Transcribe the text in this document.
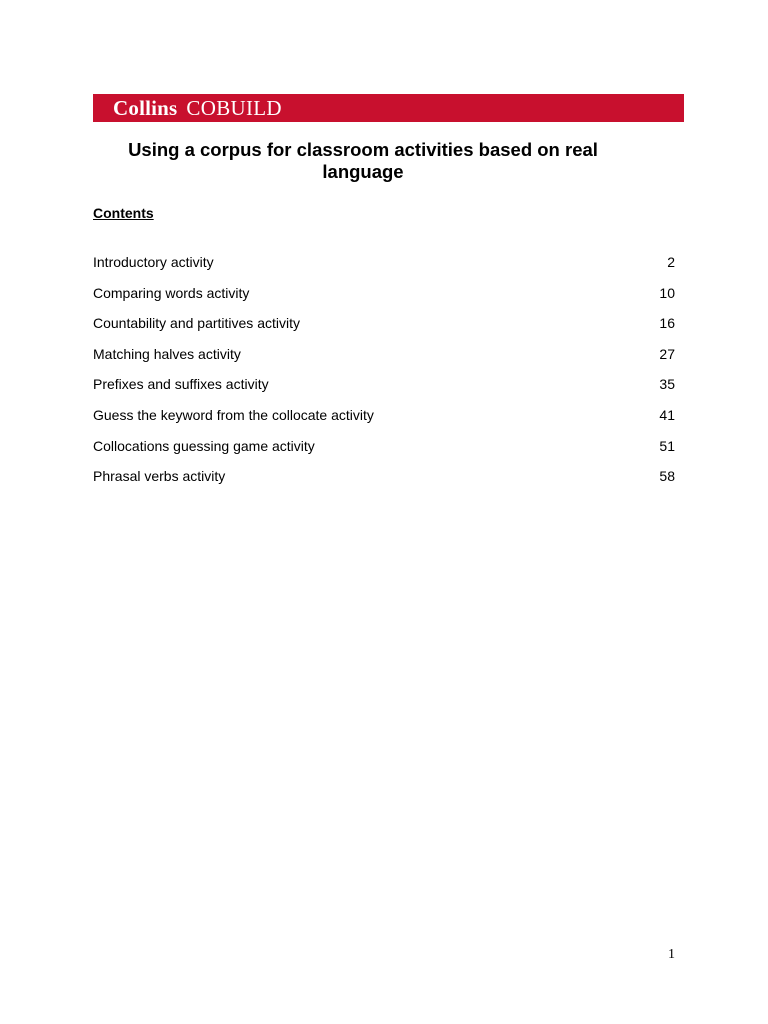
Collins COBUILD
Using a corpus for classroom activities based on real language
Contents
Introductory activity	2
Comparing words activity	10
Countability and partitives activity	16
Matching halves activity	27
Prefixes and suffixes activity	35
Guess the keyword from the collocate activity	41
Collocations guessing game activity	51
Phrasal verbs activity	58
1
